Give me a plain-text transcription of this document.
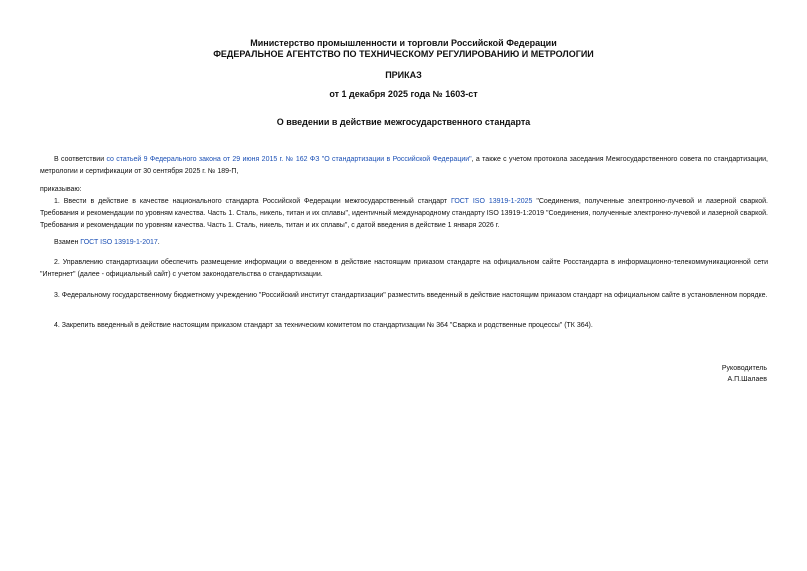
Министерство промышленности и торговли Российской Федерации
ФЕДЕРАЛЬНОЕ АГЕНТСТВО ПО ТЕХНИЧЕСКОМУ РЕГУЛИРОВАНИЮ И МЕТРОЛОГИИ
ПРИКАЗ
от 1 декабря 2025 года № 1603-ст
О введении в действие межгосударственного стандарта
В соответствии со статьей 9 Федерального закона от 29 июня 2015 г. № 162 ФЗ "О стандартизации в Российской Федерации", а также с учетом протокола заседания Межгосударственного совета по стандартизации, метрологии и сертификации от 30 сентября 2025 г. № 189-П,
приказываю:
1. Ввести в действие в качестве национального стандарта Российской Федерации межгосударственный стандарт ГОСТ ISO 13919-1-2025 "Соединения, полученные электронно-лучевой и лазерной сваркой. Требования и рекомендации по уровням качества. Часть 1. Сталь, никель, титан и их сплавы", идентичный международному стандарту ISO 13919-1:2019 "Соединения, полученные электронно-лучевой и лазерной сваркой. Требования и рекомендации по уровням качества. Часть 1. Сталь, никель, титан и их сплавы", с датой введения в действие 1 января 2026 г.
Взамен ГОСТ ISO 13919-1-2017.
2. Управлению стандартизации обеспечить размещение информации о введенном в действие настоящим приказом стандарте на официальном сайте Росстандарта в информационно-телекоммуникационной сети "Интернет" (далее - официальный сайт) с учетом законодательства о стандартизации.
3. Федеральному государственному бюджетному учреждению "Российский институт стандартизации" разместить введенный в действие настоящим приказом стандарт на официальном сайте в установленном порядке.
4. Закрепить введенный в действие настоящим приказом стандарт за техническим комитетом по стандартизации № 364 "Сварка и родственные процессы" (ТК 364).
Руководитель
А.П.Шалаев
